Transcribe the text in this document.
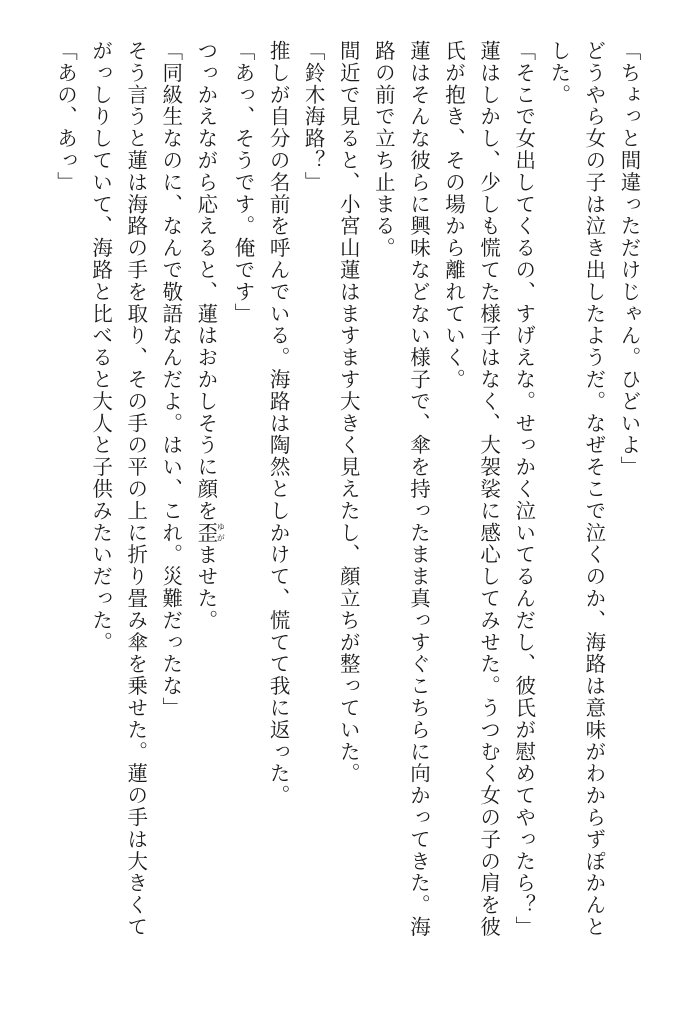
「ちょっと間違っただけじゃん。ひどいよ」
どうやら女の子は泣き出したようだ。なぜそこで泣くのか、海路は意味がわからずぽかんと
した。
「そこで女出してくるの、すげえな。せっかく泣いてるんだし、彼氏が慰めてやったら？」
蓮はしかし、少しも慌てた様子はなく、大袈裟に感心してみせた。うつむく女の子の肩を彼
氏が抱き、その場から離れていく。
蓮はそんな彼らに興味などない様子で、傘を持ったまま真っすぐこちらに向かってきた。海
路の前で立ち止まる。
間近で見ると、小宮山蓮はますます大きく見えたし、顔立ちが整っていた。
「鈴木海路？」
推しが自分の名前を呼んでいる。海路は陶然としかけて、慌てて我に返った。
「あっ、そうです。俺です」
つっかえながら応えると、蓮はおかしそうに顔を歪ゆがませた。
「同級生なのに、なんで敬語なんだよ。はい、これ。災難だったな」
そう言うと蓮は海路の手を取り、その手の平の上に折り畳み傘を乗せた。蓮の手は大きくて
がっしりしていて、海路と比べると大人と子供みたいだった。
「あの、あっ」
